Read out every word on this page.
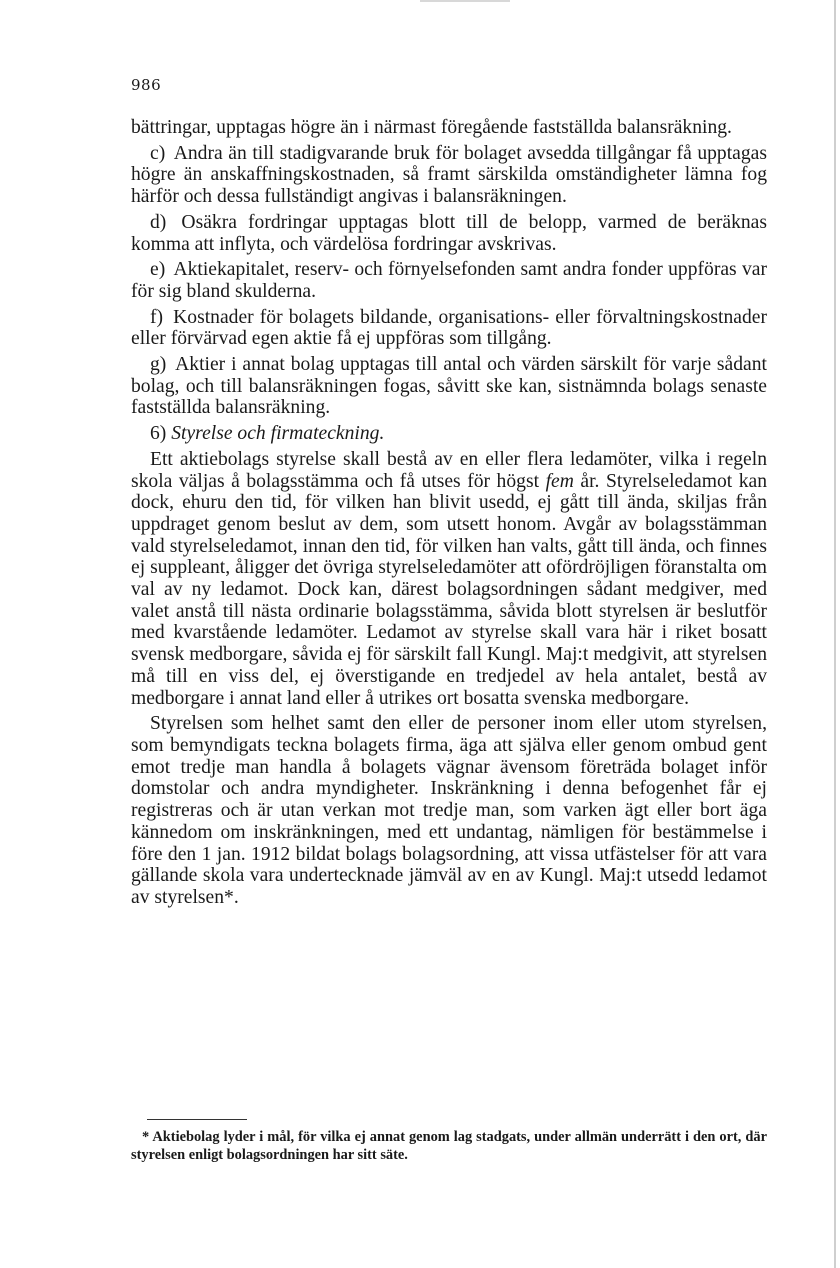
986

bättringar, upptagas högre än i närmast föregående fastställda balansräkning.

c) Andra än till stadigvarande bruk för bolaget avsedda tillgångar få upptagas högre än anskaffningskostnaden, så framt särskilda omständigheter lämna fog härför och dessa fullständigt angivas i balansräkningen.

d) Osäkra fordringar upptagas blott till de belopp, varmed de beräknas komma att inflyta, och värdelösa fordringar avskrivas.

e) Aktiekapitalet, reserv- och förnyelsefonden samt andra fonder uppföras var för sig bland skulderna.

f) Kostnader för bolagets bildande, organisations- eller förvaltningskostnader eller förvärvad egen aktie få ej uppföras som tillgång.

g) Aktier i annat bolag upptagas till antal och värden särskilt för varje sådant bolag, och till balansräkningen fogas, såvitt ske kan, sistnämnda bolags senaste fastställda balansräkning.

6) Styrelse och firmateckning.

Ett aktiebolags styrelse skall bestå av en eller flera ledamöter, vilka i regeln skola väljas å bolagsstämma och få utses för högst fem år. Styrelseledamot kan dock, ehuru den tid, för vilken han blivit usedd, ej gått till ända, skiljas från uppdraget genom beslut av dem, som utsett honom. Avgår av bolagsstämman vald styrelseledamot, innan den tid, för vilken han valts, gått till ända, och finnes ej suppleant, åligger det övriga styrelseledamöter att ofördröjligen föranstalta om val av ny ledamot. Dock kan, därest bolagsordningen sådant medgiver, med valet anstå till nästa ordinarie bolagsstämma, såvida blott styrelsen är beslutför med kvarstående ledamöter. Ledamot av styrelse skall vara här i riket bosatt svensk medborgare, såvida ej för särskilt fall Kungl. Maj:t medgivit, att styrelsen må till en viss del, ej överstigande en tredjedel av hela antalet, bestå av medborgare i annat land eller å utrikes ort bosatta svenska medborgare.

Styrelsen som helhet samt den eller de personer inom eller utom styrelsen, som bemyndigats teckna bolagets firma, äga att själva eller genom ombud gent emot tredje man handla å bolagets vägnar ävensom företräda bolaget inför domstolar och andra myndigheter. Inskränkning i denna befogenhet får ej registreras och är utan verkan mot tredje man, som varken ägt eller bort äga kännedom om inskränkningen, med ett undantag, nämligen för bestämmelse i före den 1 jan. 1912 bildat bolags bolagsordning, att vissa utfästelser för att vara gällande skola vara undertecknade jämväl av en av Kungl. Maj:t utsedd ledamot av styrelsen*.

* Aktiebolag lyder i mål, för vilka ej annat genom lag stadgats, under allmän underrätt i den ort, där styrelsen enligt bolagsordningen har sitt säte.
